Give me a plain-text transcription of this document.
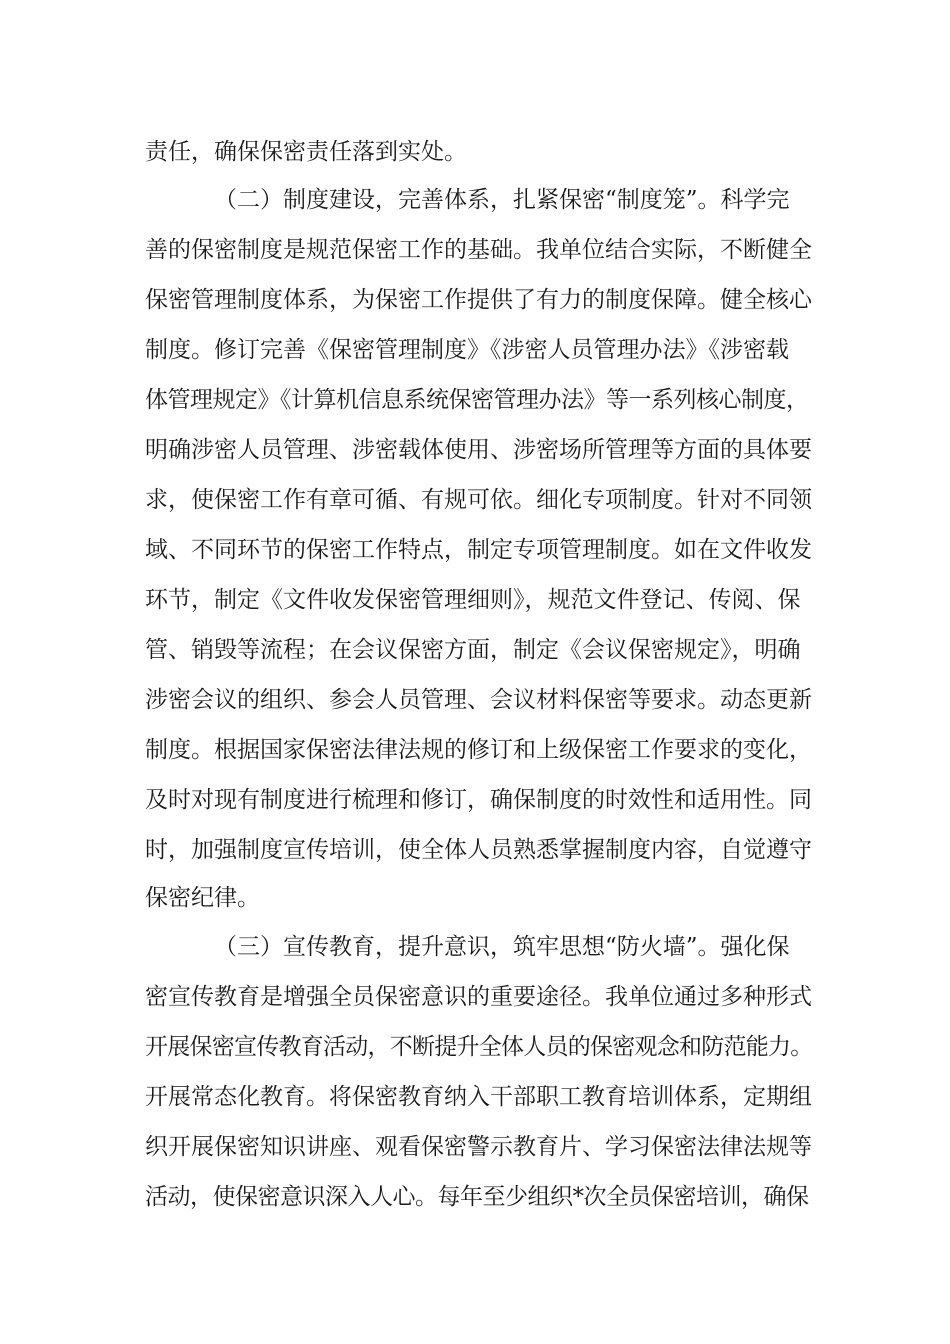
责任，确保保密责任落到实处。
（二）制度建设，完善体系，扎紧保密“制度笼”。科学完
善的保密制度是规范保密工作的基础。我单位结合实际，不断健全
保密管理制度体系，为保密工作提供了有力的制度保障。健全核心
制度。修订完善《保密管理制度》《涉密人员管理办法》《涉密载
体管理规定》《计算机信息系统保密管理办法》等一系列核心制度，
明确涉密人员管理、涉密载体使用、涉密场所管理等方面的具体要
求，使保密工作有章可循、有规可依。细化专项制度。针对不同领
域、不同环节的保密工作特点，制定专项管理制度。如在文件收发
环节，制定《文件收发保密管理细则》，规范文件登记、传阅、保
管、销毁等流程；在会议保密方面，制定《会议保密规定》，明确
涉密会议的组织、参会人员管理、会议材料保密等要求。动态更新
制度。根据国家保密法律法规的修订和上级保密工作要求的变化，
及时对现有制度进行梳理和修订，确保制度的时效性和适用性。同
时，加强制度宣传培训，使全体人员熟悉掌握制度内容，自觉遵守
保密纪律。
（三）宣传教育，提升意识，筑牢思想“防火墙”。强化保
密宣传教育是增强全员保密意识的重要途径。我单位通过多种形式
开展保密宣传教育活动，不断提升全体人员的保密观念和防范能力。
开展常态化教育。将保密教育纳入干部职工教育培训体系，定期组
织开展保密知识讲座、观看保密警示教育片、学习保密法律法规等
活动，使保密意识深入人心。每年至少组织*次全员保密培训，确保
